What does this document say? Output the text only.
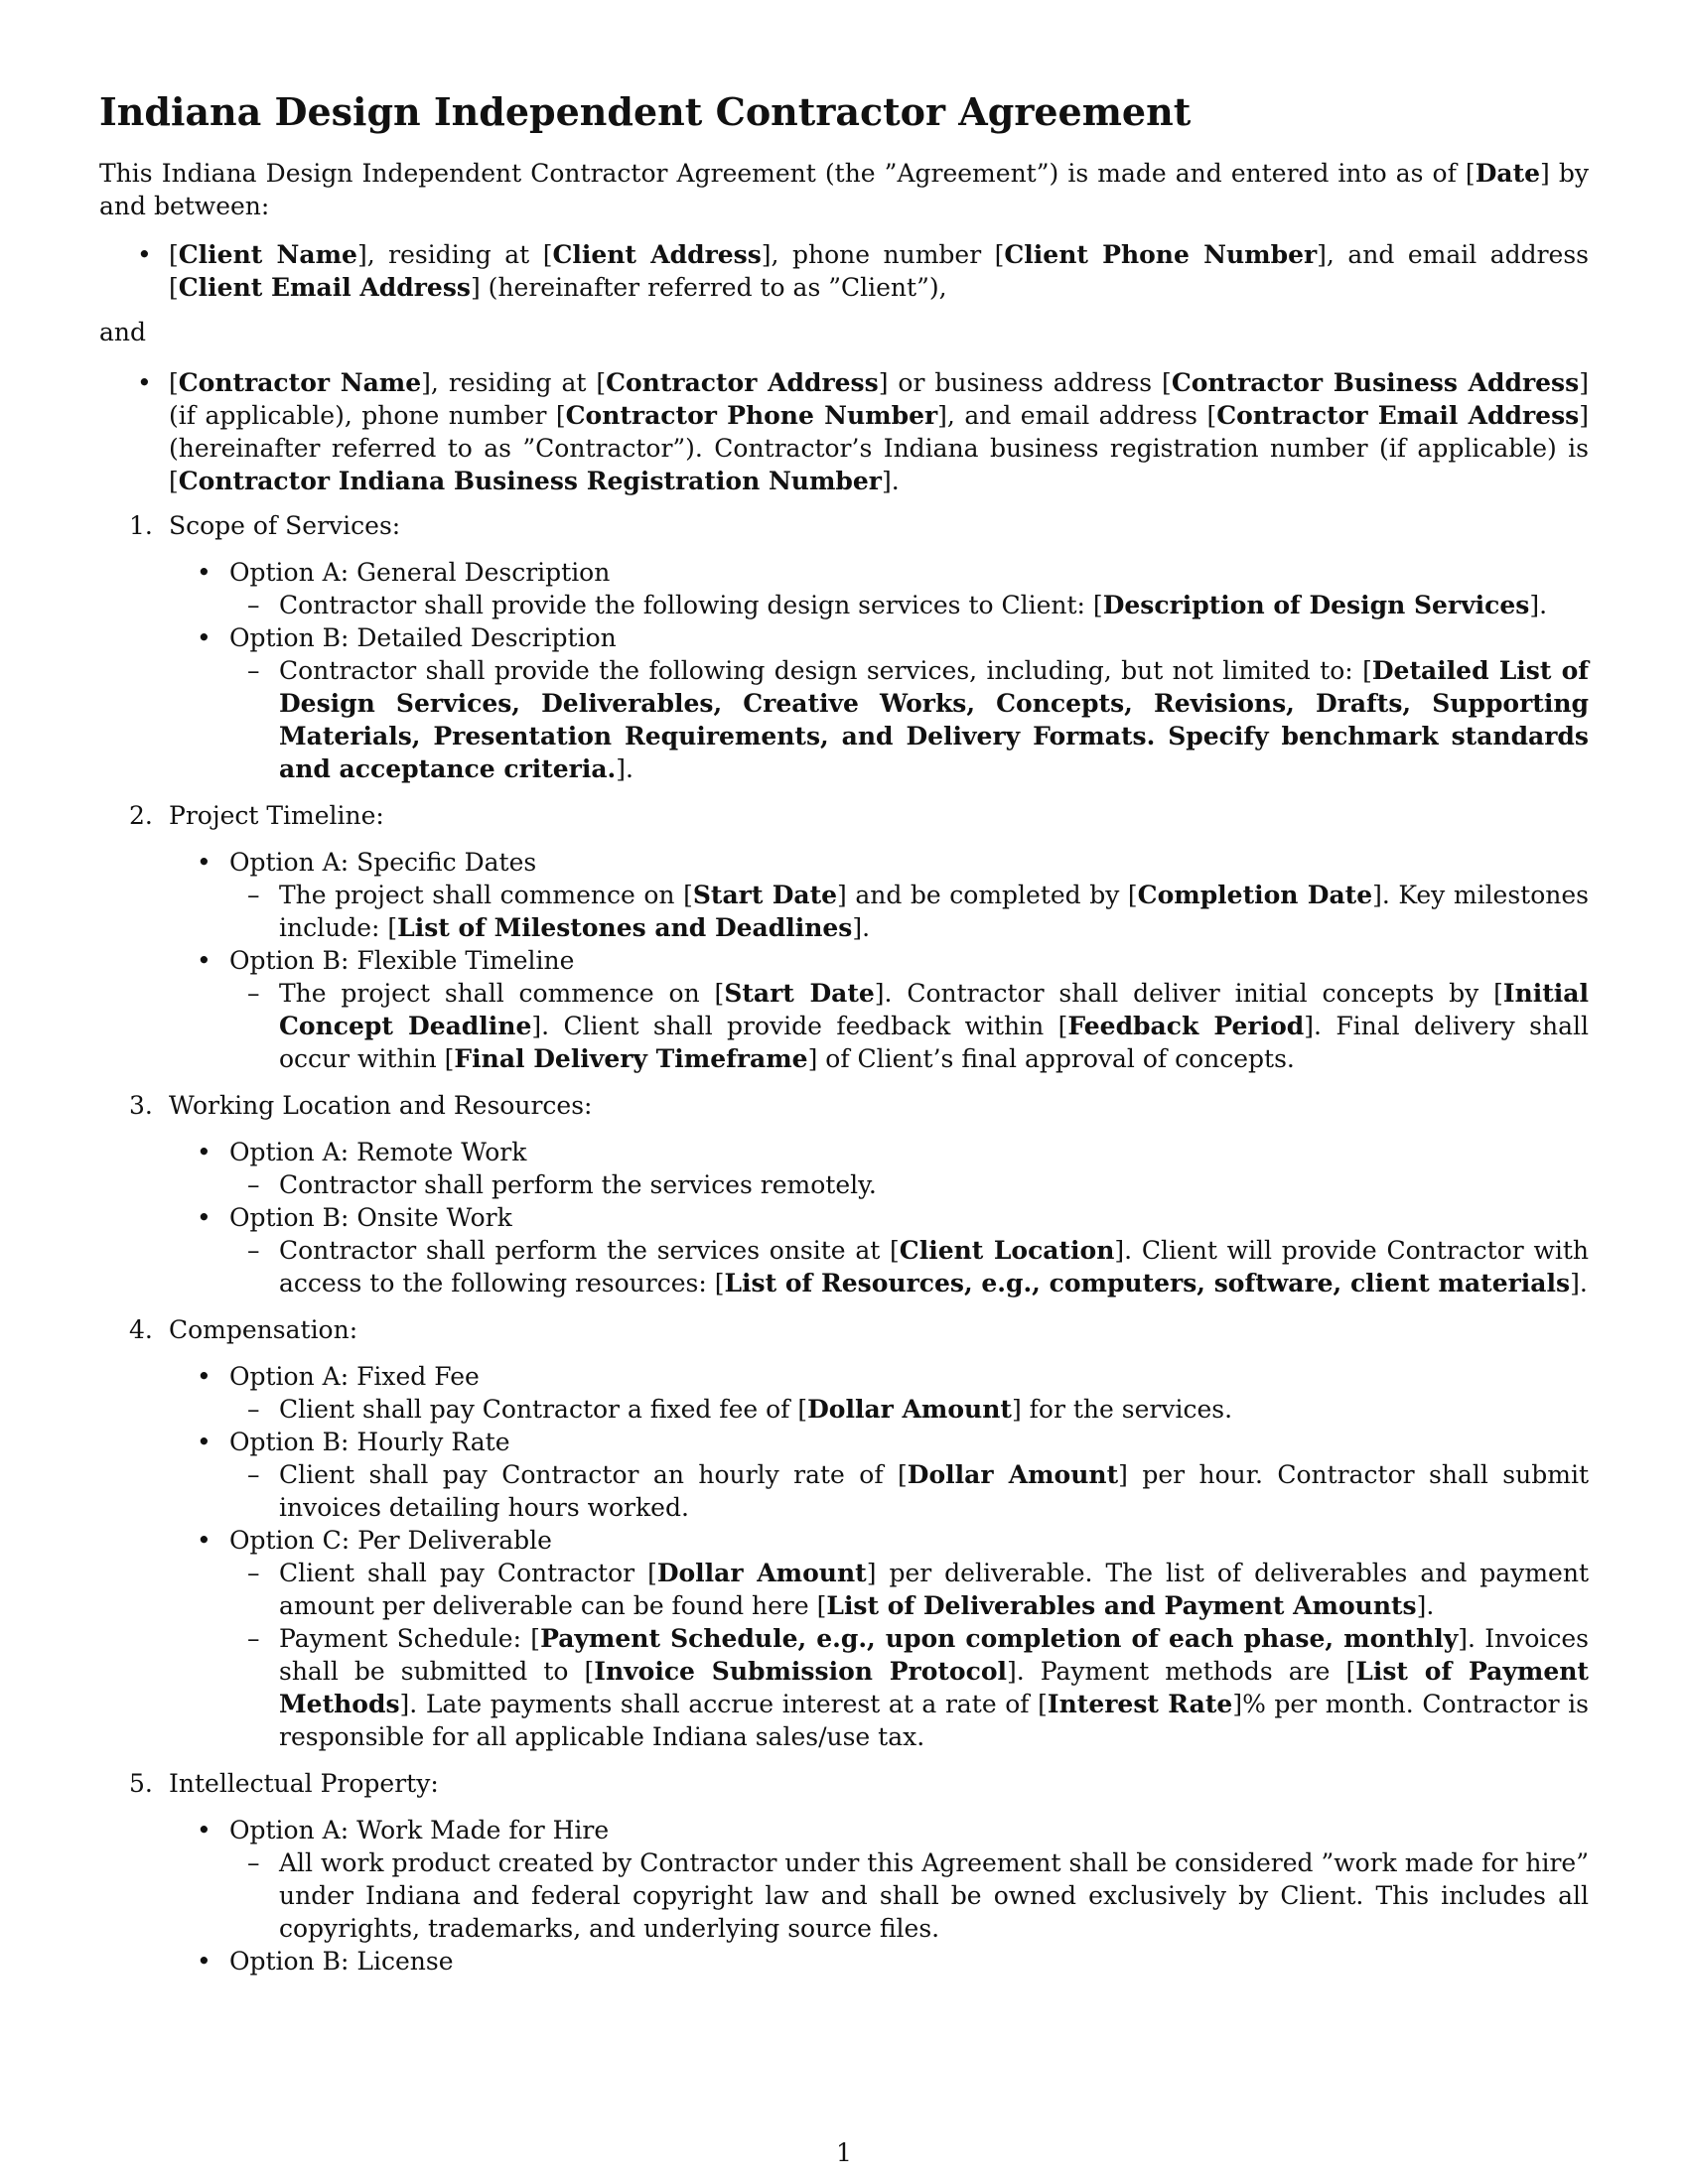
Indiana Design Independent Contractor Agreement

This Indiana Design Independent Contractor Agreement (the ”Agreement”) is made and entered into as of [Date] by and between:

• [Client Name], residing at [Client Address], phone number [Client Phone Number], and email address [Client Email Address] (hereinafter referred to as ”Client”),

and

• [Contractor Name], residing at [Contractor Address] or business address [Contractor Business Address] (if applicable), phone number [Contractor Phone Number], and email address [Contractor Email Address] (hereinafter referred to as ”Contractor”). Contractor’s Indiana business registration number (if applicable) is [Contractor Indiana Business Registration Number].
1. Scope of Services:
• Option A: General Description
– Contractor shall provide the following design services to Client: [Description of Design Services].
• Option B: Detailed Description
– Contractor shall provide the following design services, including, but not limited to: [Detailed List of Design Services, Deliverables, Creative Works, Concepts, Revisions, Drafts, Supporting Materials, Presentation Requirements, and Delivery Formats. Specify benchmark standards and acceptance criteria.].
2. Project Timeline:
• Option A: Specific Dates
– The project shall commence on [Start Date] and be completed by [Completion Date]. Key milestones include: [List of Milestones and Deadlines].
• Option B: Flexible Timeline
– The project shall commence on [Start Date]. Contractor shall deliver initial concepts by [Initial Concept Deadline]. Client shall provide feedback within [Feedback Period]. Final delivery shall occur within [Final Delivery Timeframe] of Client’s final approval of concepts.
3. Working Location and Resources:
• Option A: Remote Work
– Contractor shall perform the services remotely.
• Option B: Onsite Work
– Contractor shall perform the services onsite at [Client Location]. Client will provide Contractor with access to the following resources: [List of Resources, e.g., computers, software, client materials].
4. Compensation:
• Option A: Fixed Fee
– Client shall pay Contractor a fixed fee of [Dollar Amount] for the services.
• Option B: Hourly Rate
– Client shall pay Contractor an hourly rate of [Dollar Amount] per hour. Contractor shall submit invoices detailing hours worked.
• Option C: Per Deliverable
– Client shall pay Contractor [Dollar Amount] per deliverable. The list of deliverables and payment amount per deliverable can be found here [List of Deliverables and Payment Amounts].
– Payment Schedule: [Payment Schedule, e.g., upon completion of each phase, monthly]. Invoices shall be submitted to [Invoice Submission Protocol]. Payment methods are [List of Payment Methods]. Late payments shall accrue interest at a rate of [Interest Rate]% per month. Contractor is responsible for all applicable Indiana sales/use tax.
5. Intellectual Property:
• Option A: Work Made for Hire
– All work product created by Contractor under this Agreement shall be considered ”work made for hire” under Indiana and federal copyright law and shall be owned exclusively by Client. This includes all copyrights, trademarks, and underlying source files.
• Option B: License
1
